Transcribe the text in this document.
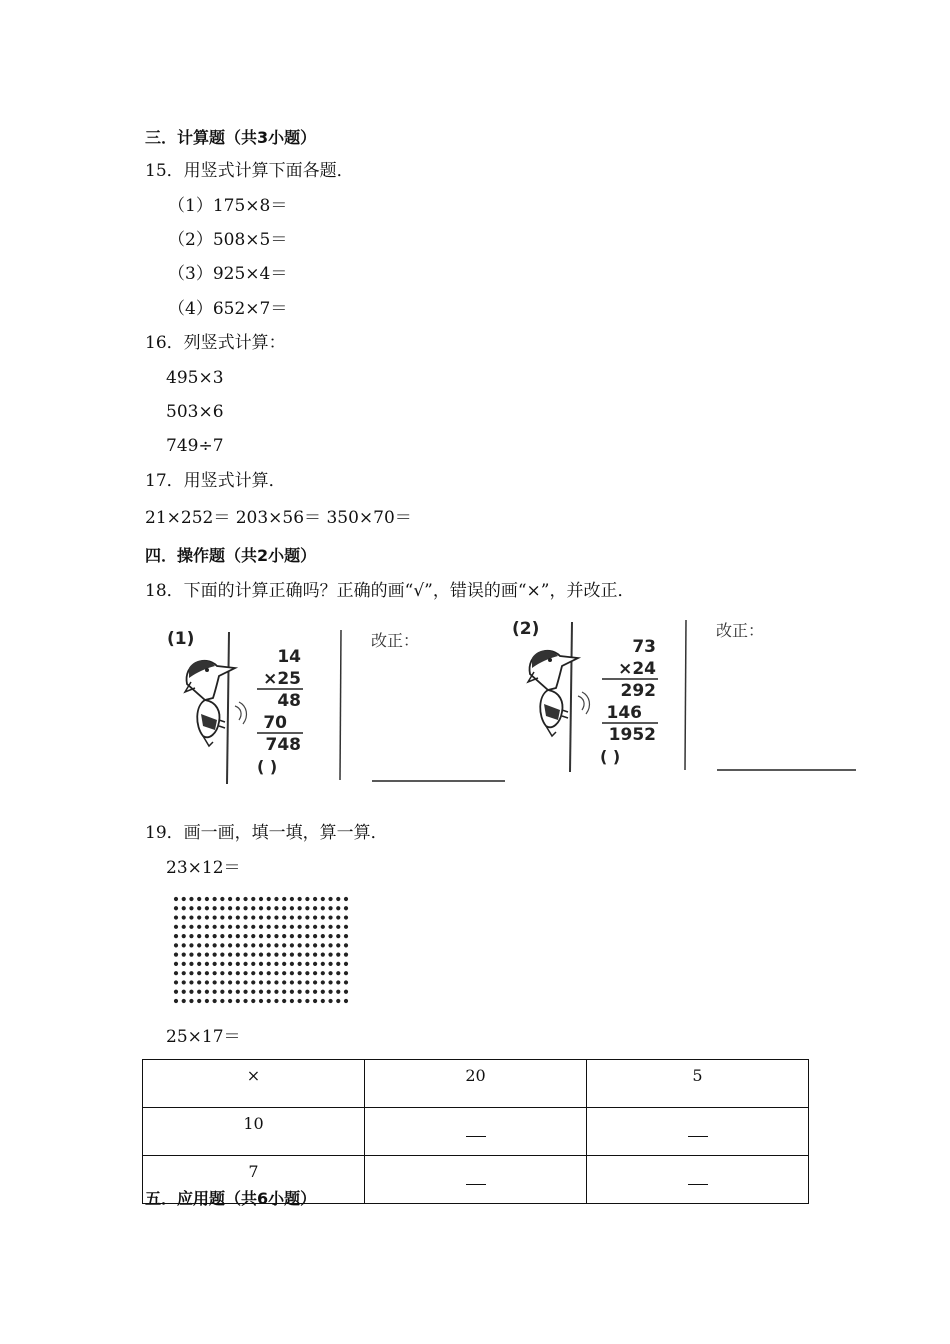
三．计算题（共3小题）
15．用竖式计算下面各题．
（1）175×8＝
（2）508×5＝
（3）925×4＝
（4）652×7＝
16．列竖式计算：
495×3
503×6
749÷7
17．用竖式计算．
21×252＝ 203×56＝ 350×70＝
四．操作题（共2小题）
18．下面的计算正确吗？正确的画“√”，错误的画“×”，并改正．
(1)
14
×25
48
70
748
( )
改正：
(2)
73
×24
292
146
1952
( )
改正：
19．画一画，填一填，算一算．
23×12＝
25×17＝
×	20	5
10		
7		
五．应用题（共6小题）
